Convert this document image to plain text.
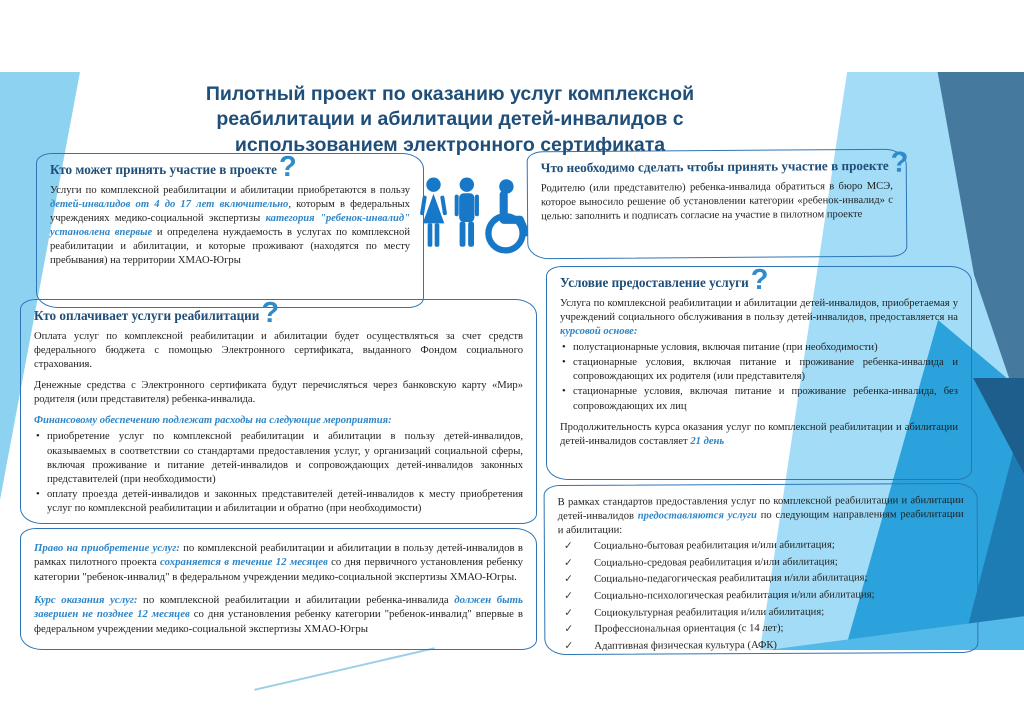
Пилотный проект по оказанию услуг комплексной
реабилитации и абилитации детей-инвалидов с
использованием электронного сертификата
Кто может принять участие в проекте?

Услуги по комплексной реабилитации и абилитации приобретаются в пользу детей-инвалидов от 4 до 17 лет включительно, которым в федеральных учреждениях медико-социальной экспертизы категория "ребенок-инвалид" установлена впервые и определена нуждаемость в услугах по комплексной реабилитации и абилитации, и которые проживают (находятся по месту пребывания) на территории ХМАО-Югры

Что необходимо сделать чтобы принять участие в проекте?

Родителю (или представителю) ребенка-инвалида обратиться в бюро МСЭ, которое выносило решение об установлении категории «ребенок-инвалид» с целью: заполнить и подписать согласие на участие в пилотном проекте

Условие предоставление услуги?

Услуга по комплексной реабилитации и абилитации детей-инвалидов, приобретаемая у учреждений социального обслуживания в пользу детей-инвалидов, предоставляется на курсовой основе:

• полустационарные условия, включая питание (при необходимости)
• стационарные условия, включая питание и проживание ребенка-инвалида и сопровождающих их родителя (или представителя)
• стационарные условия, включая питание и проживание ребенка-инвалида, без сопровождающих их лиц

Продолжительность курса оказания услуг по комплексной реабилитации и абилитации детей-инвалидов составляет 21 день

Кто оплачивает услуги реабилитации?

Оплата услуг по комплексной реабилитации и абилитации будет осуществляться за счет средств федерального бюджета с помощью Электронного сертификата, выданного Фондом социального страхования.

Денежные средства с Электронного сертификата будут перечисляться через банковскую карту «Мир» родителя (или представителя) ребенка-инвалида.

Финансовому обеспечению подлежат расходы на следующие мероприятия:

• приобретение услуг по комплексной реабилитации и абилитации в пользу детей-инвалидов, оказываемых в соответствии со стандартами предоставления услуг, у организаций социальной сферы, включая проживание и питание детей-инвалидов и сопровождающих детей-инвалидов законных представителей (при необходимости)
• оплату проезда детей-инвалидов и законных представителей детей-инвалидов к месту приобретения услуг по комплексной реабилитации и абилитации и обратно (при необходимости)

Право на приобретение услуг: по комплексной реабилитации и абилитации в пользу детей-инвалидов в рамках пилотного проекта сохраняется в течение 12 месяцев со дня первичного установления ребенку категории "ребенок-инвалид" в федеральном учреждении медико-социальной экспертизы ХМАО-Югры.

Курс оказания услуг: по комплексной реабилитации и абилитации ребенка-инвалида должен быть завершен не позднее 12 месяцев со дня установления ребенку категории "ребенок-инвалид" впервые в федеральном учреждении медико-социальной экспертизы ХМАО-Югры

В рамках стандартов предоставления услуг по комплексной реабилитации и абилитации детей-инвалидов предоставляются услуги по следующим направлениям реабилитации и абилитации:

✓ Социально-бытовая реабилитация и/или абилитация;
✓ Социально-средовая реабилитация и/или абилитация;
✓ Социально-педагогическая реабилитация и/или абилитация;
✓ Социально-психологическая реабилитация и/или абилитация;
✓ Социокультурная реабилитация и/или абилитация;
✓ Профессиональная ориентация (с 14 лет);
✓ Адаптивная физическая культура (АФК)
